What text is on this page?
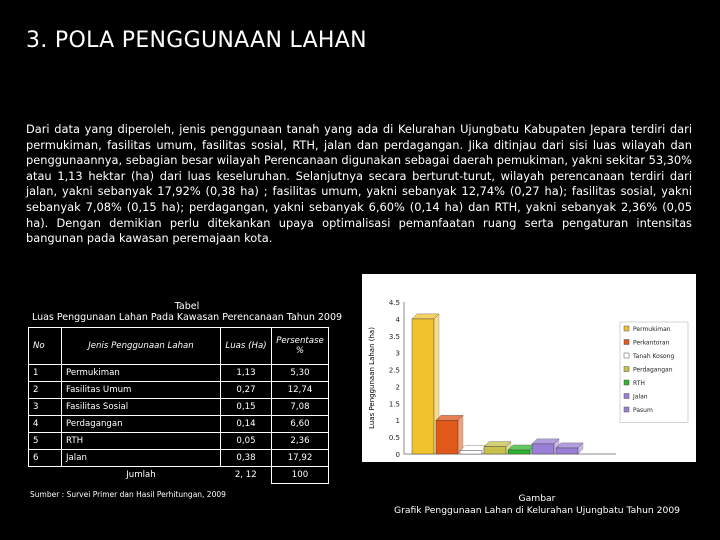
3. POLA PENGGUNAAN LAHAN
Dari data yang diperoleh, jenis penggunaan tanah yang ada di Kelurahan Ujungbatu Kabupaten Jepara terdiri dari permukiman, fasilitas umum, fasilitas sosial, RTH, jalan dan perdagangan. Jika ditinjau dari sisi luas wilayah dan penggunaannya, sebagian besar wilayah Perencanaan digunakan sebagai daerah pemukiman, yakni sekitar 53,30% atau 1,13 hektar (ha) dari luas keseluruhan. Selanjutnya secara berturut-turut, wilayah perencanaan terdiri dari jalan, yakni sebanyak 17,92% (0,38 ha) ; fasilitas umum, yakni sebanyak 12,74% (0,27 ha); fasilitas sosial, yakni sebanyak 7,08% (0,15 ha); perdagangan, yakni sebanyak 6,60% (0,14 ha) dan RTH, yakni sebanyak 2,36% (0,05 ha). Dengan demikian perlu ditekankan upaya optimalisasi pemanfaatan ruang serta pengaturan intensitas bangunan pada kawasan peremajaan kota.
Tabel
Luas Penggunaan Lahan Pada Kawasan Perencanaan Tahun 2009
No	Jenis Penggunaan Lahan	Luas (Ha)	Persentase %
1	Permukiman	1,13	5,30
2	Fasilitas Umum	0,27	12,74
3	Fasilitas Sosial	0,15	7,08
4	Perdagangan	0,14	6,60
5	RTH	0,05	2,36
6	Jalan	0,38	17,92
	Jumlah	2, 12	100
Sumber : Survei Primer dan Hasil Perhitungan, 2009
Luas Penggunaan Lahan (ha)
0
0.5
1
1.5
2
2.5
3
3.5
4
4.5
Permukiman
Perkantoran
Tanah Kosong
Perdagangan
RTH
Jalan
Pasum
Gambar
Grafik Penggunaan Lahan di Kelurahan Ujungbatu Tahun 2009
